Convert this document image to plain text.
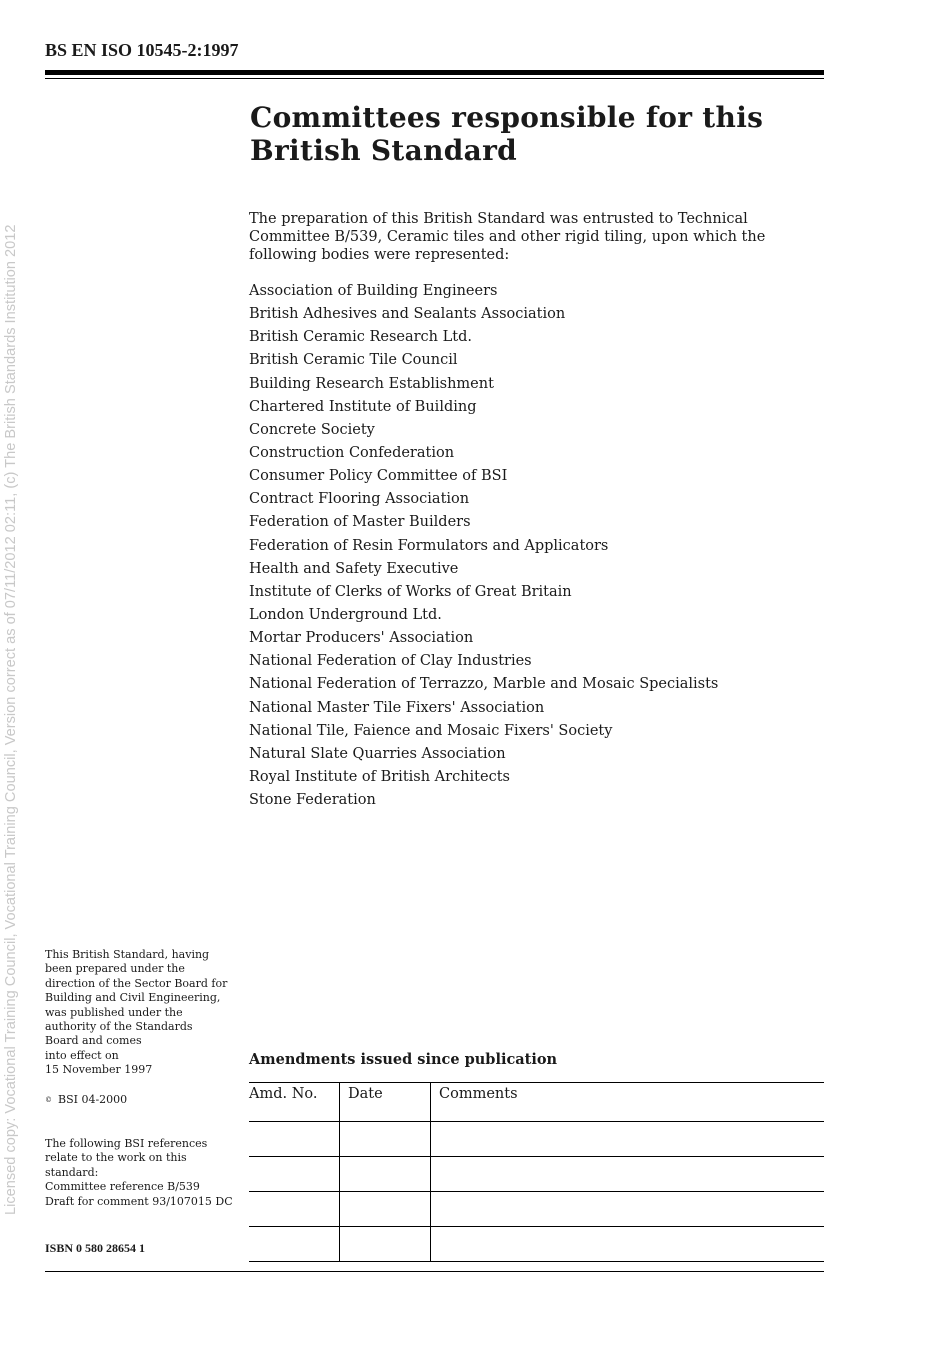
BS EN ISO 10545-2:1997
Licensed copy: Vocational Training Council, Vocational Training Council, Version correct as of 07/11/2012 02:11, (c) The British Standards Institution 2012
Committees responsible for this
British Standard
The preparation of this British Standard was entrusted to Technical Committee B/539, Ceramic tiles and other rigid tiling, upon which the following bodies were represented:
Association of Building Engineers
British Adhesives and Sealants Association
British Ceramic Research Ltd.
British Ceramic Tile Council
Building Research Establishment
Chartered Institute of Building
Concrete Society
Construction Confederation
Consumer Policy Committee of BSI
Contract Flooring Association
Federation of Master Builders
Federation of Resin Formulators and Applicators
Health and Safety Executive
Institute of Clerks of Works of Great Britain
London Underground Ltd.
Mortar Producers' Association
National Federation of Clay Industries
National Federation of Terrazzo, Marble and Mosaic Specialists
National Master Tile Fixers' Association
National Tile, Faience and Mosaic Fixers' Society
Natural Slate Quarries Association
Royal Institute of British Architects
Stone Federation
This British Standard, having
been prepared under the
direction of the Sector Board for
Building and Civil Engineering,
was published under the
authority of the Standards
Board and comes
into effect on
15 November 1997
© BSI 04-2000
The following BSI references
relate to the work on this
standard:
Committee reference B/539
Draft for comment 93/107015 DC
ISBN 0 580 28654 1
Amendments issued since publication
Amd. No.	Date	Comments
